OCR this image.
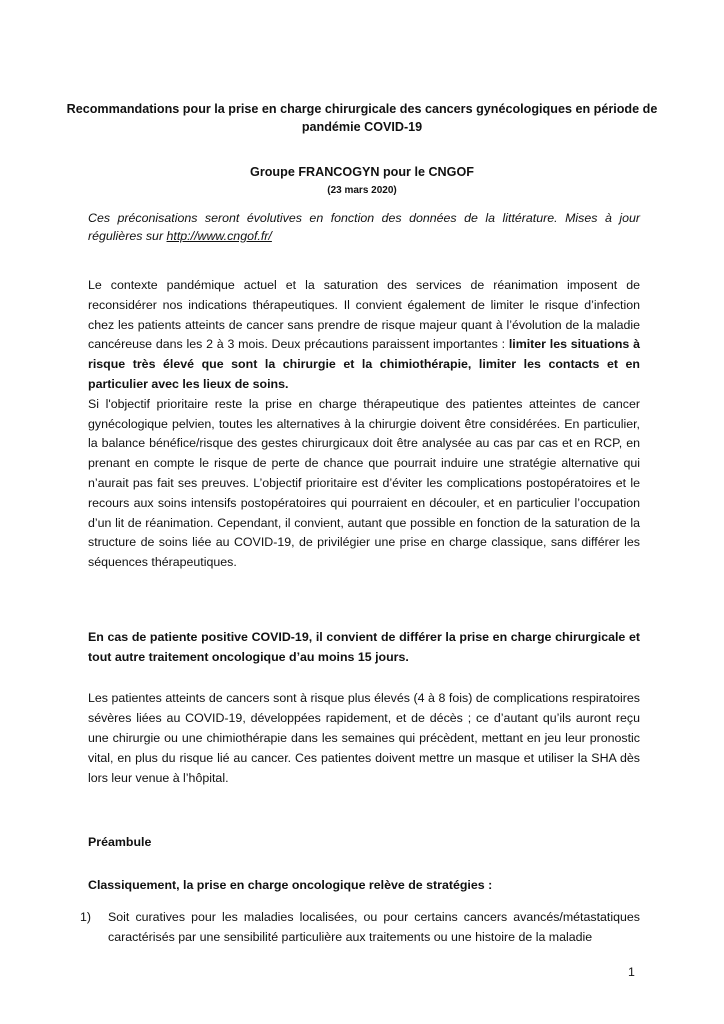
Recommandations pour la prise en charge chirurgicale des cancers gynécologiques en période de pandémie COVID-19
Groupe FRANCOGYN pour le CNGOF
(23 mars 2020)
Ces préconisations seront évolutives en fonction des données de la littérature. Mises à jour régulières sur http://www.cngof.fr/
Le contexte pandémique actuel et la saturation des services de réanimation imposent de reconsidérer nos indications thérapeutiques. Il convient également de limiter le risque d’infection chez les patients atteints de cancer sans prendre de risque majeur quant à l’évolution de la maladie cancéreuse dans les 2 à 3 mois. Deux précautions paraissent importantes : limiter les situations à risque très élevé que sont la chirurgie et la chimiothérapie, limiter les contacts et en particulier avec les lieux de soins.
Si l'objectif prioritaire reste la prise en charge thérapeutique des patientes atteintes de cancer gynécologique pelvien, toutes les alternatives à la chirurgie doivent être considérées. En particulier, la balance bénéfice/risque des gestes chirurgicaux doit être analysée au cas par cas et en RCP, en prenant en compte le risque de perte de chance que pourrait induire une stratégie alternative qui n’aurait pas fait ses preuves. L’objectif prioritaire est d’éviter les complications postopératoires et le recours aux soins intensifs postopératoires qui pourraient en découler, et en particulier l’occupation d’un lit de réanimation. Cependant, il convient, autant que possible en fonction de la saturation de la structure de soins liée au COVID-19, de privilégier une prise en charge classique, sans différer les séquences thérapeutiques.
En cas de patiente positive COVID-19, il convient de différer la prise en charge chirurgicale et tout autre traitement oncologique d’au moins 15 jours.
Les patientes atteints de cancers sont à risque plus élevés (4 à 8 fois) de complications respiratoires sévères liées au COVID-19, développées rapidement, et de décès ; ce d’autant qu’ils auront reçu une chirurgie ou une chimiothérapie dans les semaines qui précèdent, mettant en jeu leur pronostic vital, en plus du risque lié au cancer. Ces patientes doivent mettre un masque et utiliser la SHA dès lors leur venue à l’hôpital.
Préambule
Classiquement, la prise en charge oncologique relève de stratégies :
1) Soit curatives pour les maladies localisées, ou pour certains cancers avancés/métastatiques caractérisés par une sensibilité particulière aux traitements ou une histoire de la maladie
1
